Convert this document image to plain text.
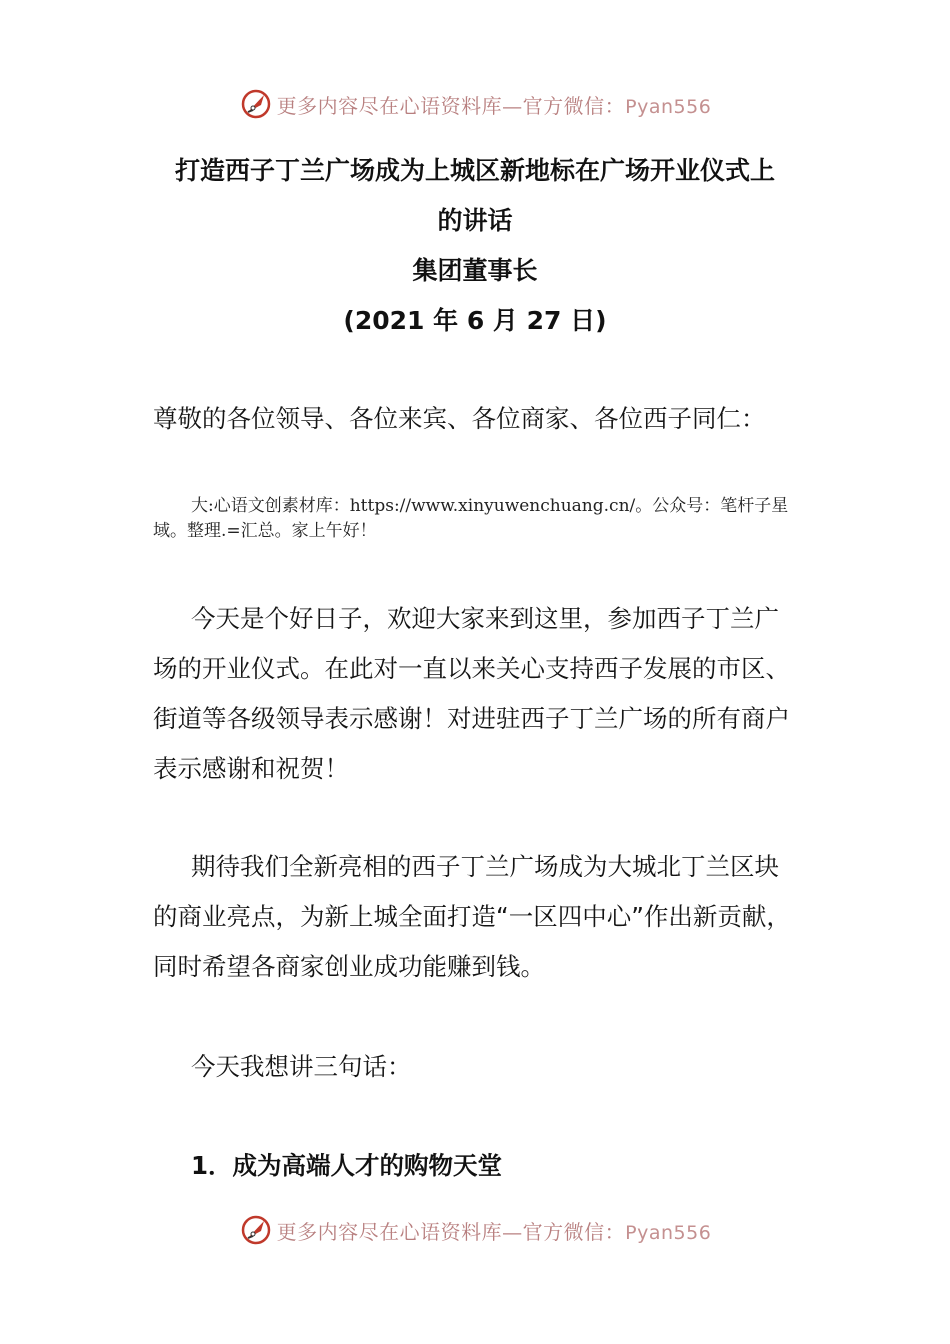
更多内容尽在心语资料库—官方微信：Pyan556
打造西子丁兰广场成为上城区新地标在广场开业仪式上
的讲话
集团董事长
(2021 年 6 月 27 日)
尊敬的各位领导、各位来宾、各位商家、各位西子同仁：
大:心语文创素材库：https://www.xinyuwenchuang.cn/。公众号：笔杆子星域。整理.=汇总。家上午好！
今天是个好日子，欢迎大家来到这里，参加西子丁兰广场的开业仪式。在此对一直以来关心支持西子发展的市区、街道等各级领导表示感谢！对进驻西子丁兰广场的所有商户表示感谢和祝贺！
期待我们全新亮相的西子丁兰广场成为大城北丁兰区块的商业亮点，为新上城全面打造“一区四中心”作出新贡献，同时希望各商家创业成功能赚到钱。
今天我想讲三句话：
1．成为高端人才的购物天堂
更多内容尽在心语资料库—官方微信：Pyan556
